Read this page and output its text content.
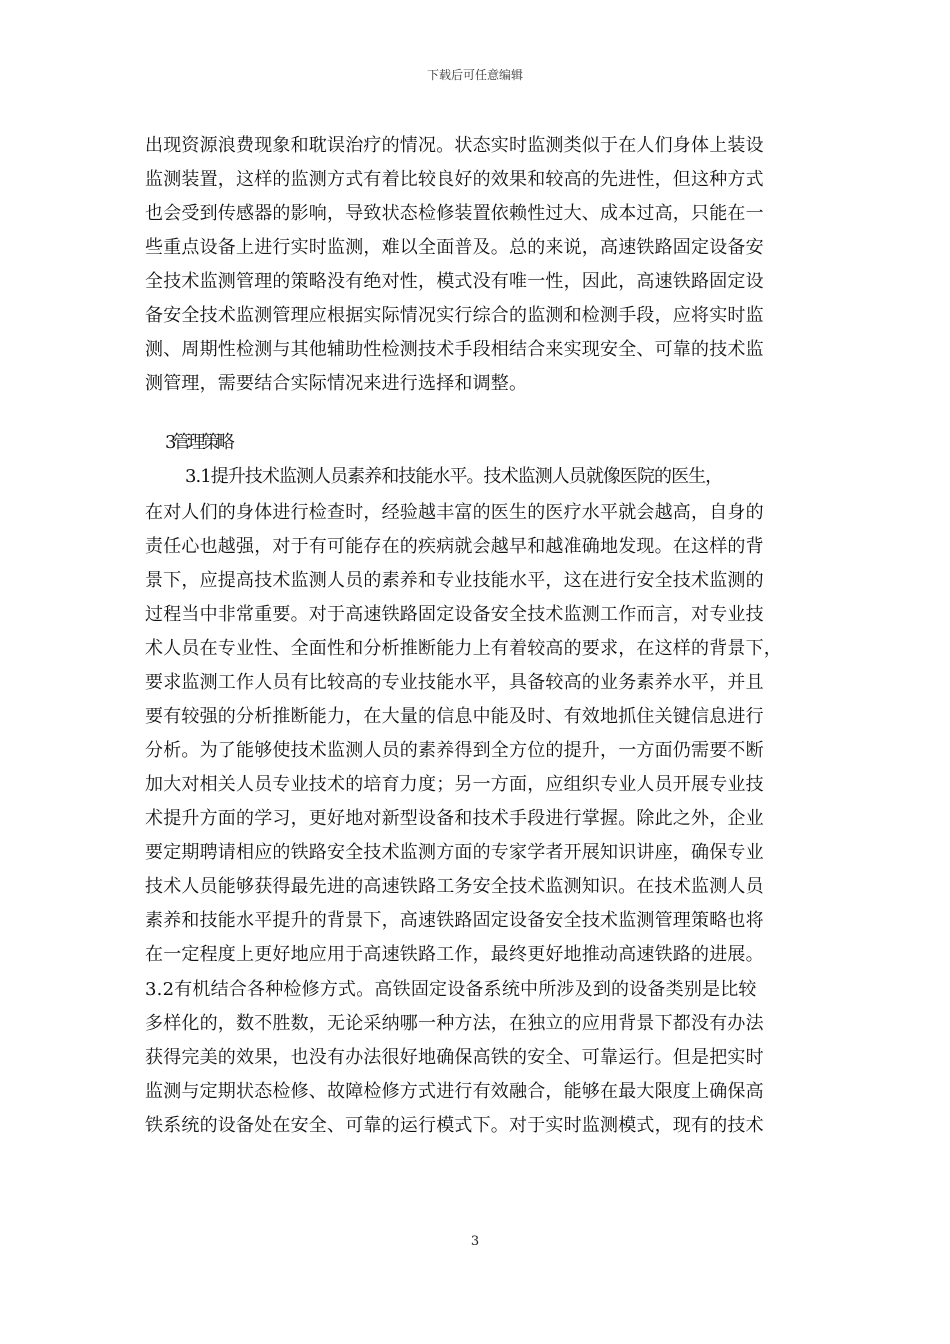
下载后可任意编辑
出现资源浪费现象和耽误治疗的情况。状态实时监测类似于在人们身体上装设
监测装置，这样的监测方式有着比较良好的效果和较高的先进性，但这种方式
也会受到传感器的影响，导致状态检修装置依赖性过大、成本过高，只能在一
些重点设备上进行实时监测，难以全面普及。总的来说，高速铁路固定设备安
全技术监测管理的策略没有绝对性，模式没有唯一性，因此，高速铁路固定设
备安全技术监测管理应根据实际情况实行综合的监测和检测手段，应将实时监
测、周期性检测与其他辅助性检测技术手段相结合来实现安全、可靠的技术监
测管理，需要结合实际情况来进行选择和调整。
3管理策略
3.1提升技术监测人员素养和技能水平。技术监测人员就像医院的医生，
在对人们的身体进行检查时，经验越丰富的医生的医疗水平就会越高，自身的
责任心也越强，对于有可能存在的疾病就会越早和越准确地发现。在这样的背
景下，应提高技术监测人员的素养和专业技能水平，这在进行安全技术监测的
过程当中非常重要。对于高速铁路固定设备安全技术监测工作而言，对专业技
术人员在专业性、全面性和分析推断能力上有着较高的要求，在这样的背景下，
要求监测工作人员有比较高的专业技能水平，具备较高的业务素养水平，并且
要有较强的分析推断能力，在大量的信息中能及时、有效地抓住关键信息进行
分析。为了能够使技术监测人员的素养得到全方位的提升，一方面仍需要不断
加大对相关人员专业技术的培育力度；另一方面，应组织专业人员开展专业技
术提升方面的学习，更好地对新型设备和技术手段进行掌握。除此之外，企业
要定期聘请相应的铁路安全技术监测方面的专家学者开展知识讲座，确保专业
技术人员能够获得最先进的高速铁路工务安全技术监测知识。在技术监测人员
素养和技能水平提升的背景下，高速铁路固定设备安全技术监测管理策略也将
在一定程度上更好地应用于高速铁路工作，最终更好地推动高速铁路的进展。
3.2有机结合各种检修方式。高铁固定设备系统中所涉及到的设备类别是比较
多样化的，数不胜数，无论采纳哪一种方法，在独立的应用背景下都没有办法
获得完美的效果，也没有办法很好地确保高铁的安全、可靠运行。但是把实时
监测与定期状态检修、故障检修方式进行有效融合，能够在最大限度上确保高
铁系统的设备处在安全、可靠的运行模式下。对于实时监测模式，现有的技术
3
